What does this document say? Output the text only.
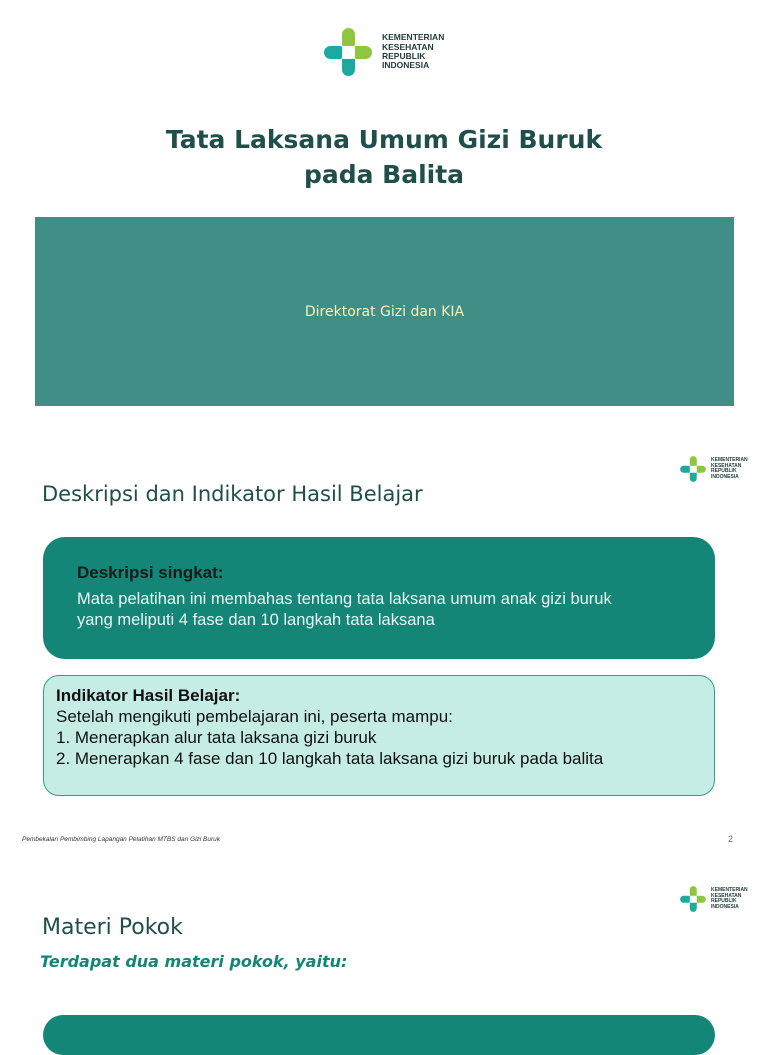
KEMENTERIAN
KESEHATAN
REPUBLIK
INDONESIA
Tata Laksana Umum Gizi Buruk
pada Balita
Direktorat Gizi dan KIA
KEMENTERIAN
KESEHATAN
REPUBLIK
INDONESIA
Deskripsi dan Indikator Hasil Belajar
Deskripsi singkat:
Mata pelatihan ini membahas tentang tata laksana umum anak gizi buruk
yang meliputi 4 fase dan 10 langkah tata laksana
Indikator Hasil Belajar:
Setelah mengikuti pembelajaran ini, peserta mampu:
1. Menerapkan alur tata laksana gizi buruk
2. Menerapkan 4 fase dan 10 langkah tata laksana gizi buruk pada balita
Pembekalan Pembimbing Lapangan Pelatihan MTBS dan Gizi Buruk	2
KEMENTERIAN
KESEHATAN
REPUBLIK
INDONESIA
Materi Pokok
Terdapat dua materi pokok, yaitu:
